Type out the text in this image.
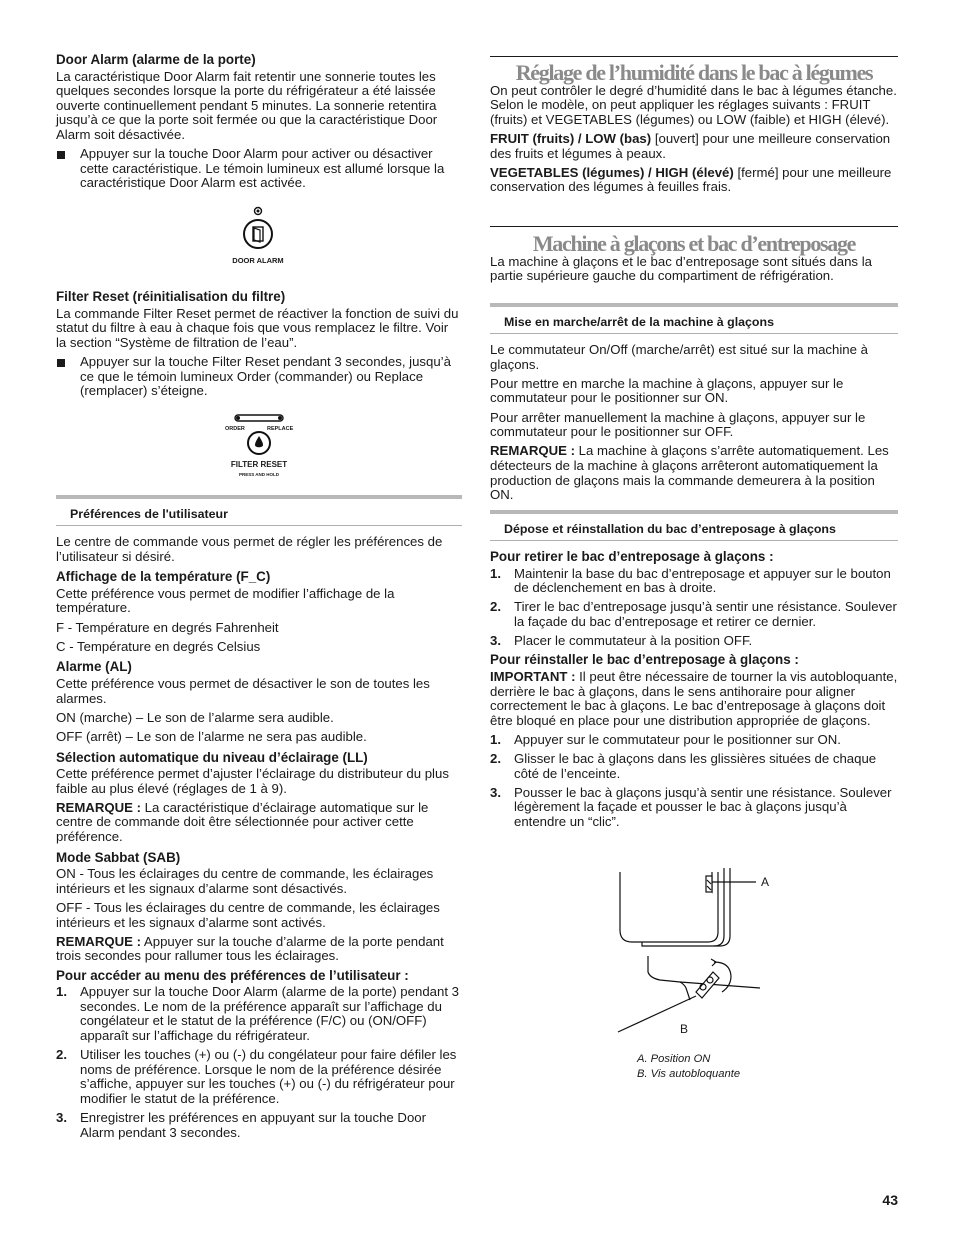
Door Alarm (alarme de la porte)

La caractéristique Door Alarm fait retentir une sonnerie toutes les quelques secondes lorsque la porte du réfrigérateur a été laissée ouverte continuellement pendant 5 minutes. La sonnerie retentira jusqu’à ce que la porte soit fermée ou que la caractéristique Door Alarm soit désactivée.

Appuyer sur la touche Door Alarm pour activer ou désactiver cette caractéristique. Le témoin lumineux est allumé lorsque la caractéristique Door Alarm est activée.

DOOR ALARM

Filter Reset (réinitialisation du filtre)

La commande Filter Reset permet de réactiver la fonction de suivi du statut du filtre à eau à chaque fois que vous remplacez le filtre. Voir la section “Système de filtration de l’eau”.

Appuyer sur la touche Filter Reset pendant 3 secondes, jusqu’à ce que le témoin lumineux Order (commander) ou Replace (remplacer) s’éteigne.

ORDER	REPLACE
FILTER RESET
PRESS AND HOLD
Préférences de l'utilisateur

Le centre de commande vous permet de régler les préférences de l’utilisateur si désiré.

Affichage de la température (F_C)

Cette préférence vous permet de modifier l’affichage de la température.

F - Température en degrés Fahrenheit

C - Température en degrés Celsius

Alarme (AL)

Cette préférence vous permet de désactiver le son de toutes les alarmes.

ON (marche) – Le son de l’alarme sera audible.

OFF (arrêt) – Le son de l’alarme ne sera pas audible.

Sélection automatique du niveau d’éclairage (LL)

Cette préférence permet d’ajuster l’éclairage du distributeur du plus faible au plus élevé (réglages de 1 à 9).

REMARQUE : La caractéristique d’éclairage automatique sur le centre de commande doit être sélectionnée pour activer cette préférence.

Mode Sabbat (SAB)

ON - Tous les éclairages du centre de commande, les éclairages intérieurs et les signaux d’alarme sont désactivés.

OFF - Tous les éclairages du centre de commande, les éclairages intérieurs et les signaux d’alarme sont activés.

REMARQUE : Appuyer sur la touche d’alarme de la porte pendant trois secondes pour rallumer tous les éclairages.

Pour accéder au menu des préférences de l’utilisateur :

1. Appuyer sur la touche Door Alarm (alarme de la porte) pendant 3 secondes. Le nom de la préférence apparaît sur l’affichage du congélateur et le statut de la préférence (F/C) ou (ON/OFF) apparaît sur l’affichage du réfrigérateur.
2. Utiliser les touches (+) ou (-) du congélateur pour faire défiler les noms de préférence. Lorsque le nom de la préférence désirée s’affiche, appuyer sur les touches (+) ou (-) du réfrigérateur pour modifier le statut de la préférence.
3. Enregistrer les préférences en appuyant sur la touche Door Alarm pendant 3 secondes.
Réglage de l’humidité dans le bac à légumes

On peut contrôler le degré d’humidité dans le bac à légumes étanche. Selon le modèle, on peut appliquer les réglages suivants : FRUIT (fruits) et VEGETABLES (légumes) ou LOW (faible) et HIGH (élevé).

FRUIT (fruits) / LOW (bas) [ouvert] pour une meilleure conservation des fruits et légumes à peaux.

VEGETABLES (légumes) / HIGH (élevé) [fermé] pour une meilleure conservation des légumes à feuilles frais.

Machine à glaçons et bac d’entreposage

La machine à glaçons et le bac d’entreposage sont situés dans la partie supérieure gauche du compartiment de réfrigération.

Mise en marche/arrêt de la machine à glaçons

Le commutateur On/Off (marche/arrêt) est situé sur la machine à glaçons.

Pour mettre en marche la machine à glaçons, appuyer sur le commutateur pour le positionner sur ON.

Pour arrêter manuellement la machine à glaçons, appuyer sur le commutateur pour le positionner sur OFF.

REMARQUE : La machine à glaçons s’arrête automatiquement. Les détecteurs de la machine à glaçons arrêteront automatiquement la production de glaçons mais la commande demeurera à la position ON.

Dépose et réinstallation du bac d’entreposage à glaçons

Pour retirer le bac d’entreposage à glaçons :

1. Maintenir la base du bac d’entreposage et appuyer sur le bouton de déclenchement en bas à droite.
2. Tirer le bac d’entreposage jusqu’à sentir une résistance. Soulever la façade du bac d’entreposage et retirer ce dernier.
3. Placer le commutateur à la position OFF.

Pour réinstaller le bac d’entreposage à glaçons :

IMPORTANT : Il peut être nécessaire de tourner la vis autobloquante, derrière le bac à glaçons, dans le sens antihoraire pour aligner correctement le bac à glaçons. Le bac d’entreposage à glaçons doit être bloqué en place pour une distribution appropriée de glaçons.

1. Appuyer sur le commutateur pour le positionner sur ON.
2. Glisser le bac à glaçons dans les glissières situées de chaque côté de l’enceinte.
3. Pousser le bac à glaçons jusqu’à sentir une résistance. Soulever légèrement la façade et pousser le bac à glaçons jusqu’à entendre un “clic”.
A
B
A. Position ON
B. Vis autobloquante
43
